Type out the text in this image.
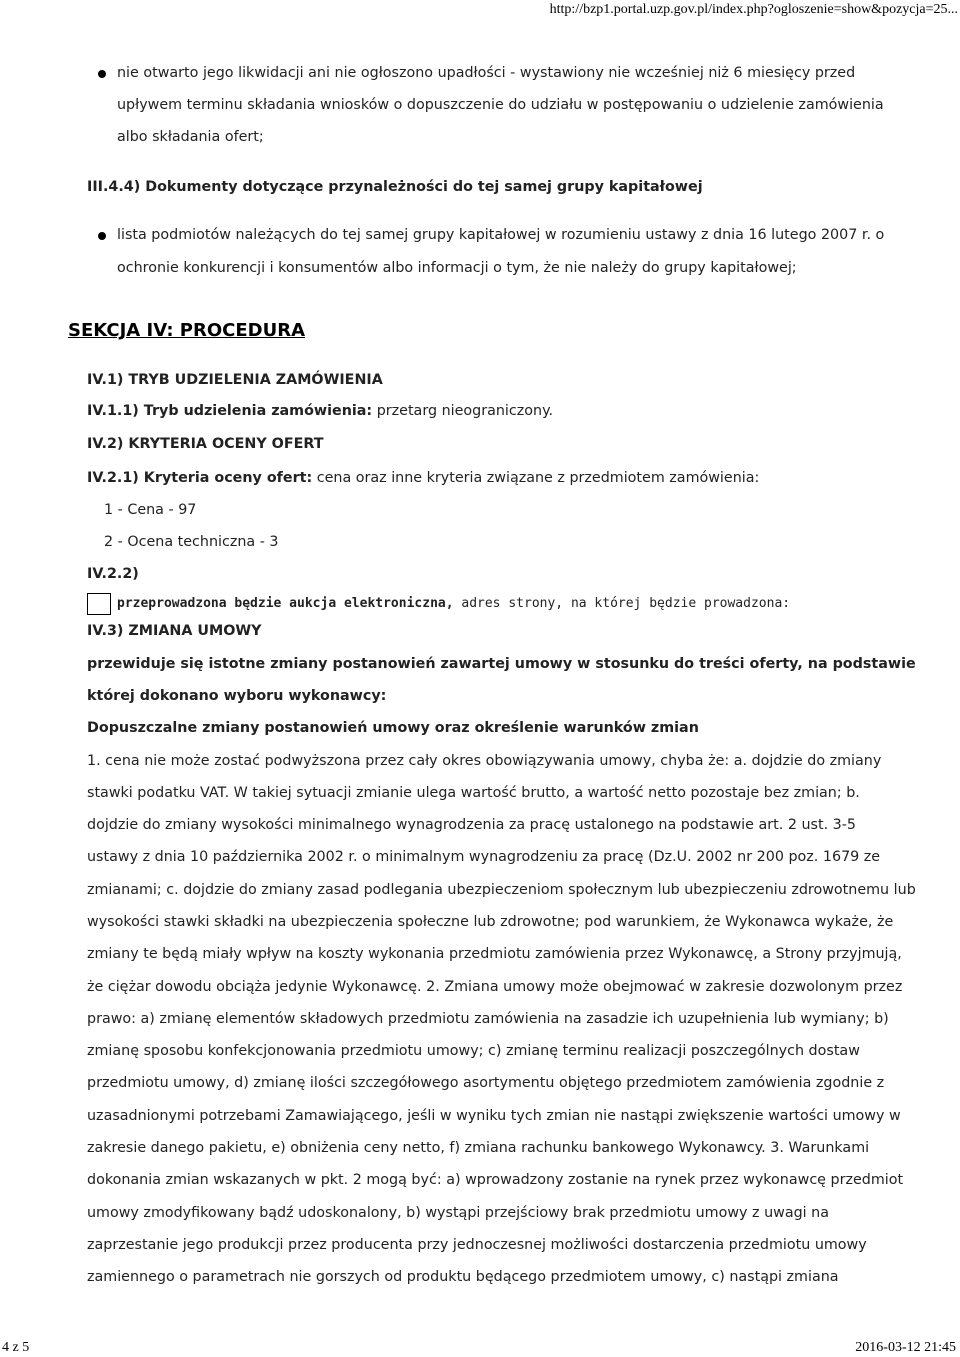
http://bzp1.portal.uzp.gov.pl/index.php?ogloszenie=show&pozycja=25...
nie otwarto jego likwidacji ani nie ogłoszono upadłości - wystawiony nie wcześniej niż 6 miesięcy przed
upływem terminu składania wniosków o dopuszczenie do udziału w postępowaniu o udzielenie zamówienia
albo składania ofert;
III.4.4) Dokumenty dotyczące przynależności do tej samej grupy kapitałowej
lista podmiotów należących do tej samej grupy kapitałowej w rozumieniu ustawy z dnia 16 lutego 2007 r. o
ochronie konkurencji i konsumentów albo informacji o tym, że nie należy do grupy kapitałowej;
SEKCJA IV: PROCEDURA
IV.1) TRYB UDZIELENIA ZAMÓWIENIA
IV.1.1) Tryb udzielenia zamówienia: przetarg nieograniczony.
IV.2) KRYTERIA OCENY OFERT
IV.2.1) Kryteria oceny ofert: cena oraz inne kryteria związane z przedmiotem zamówienia:
1 - Cena - 97
2 - Ocena techniczna - 3
IV.2.2)
przeprowadzona będzie aukcja elektroniczna, adres strony, na której będzie prowadzona:
IV.3) ZMIANA UMOWY
przewiduje się istotne zmiany postanowień zawartej umowy w stosunku do treści oferty, na podstawie
której dokonano wyboru wykonawcy:
Dopuszczalne zmiany postanowień umowy oraz określenie warunków zmian
1. cena nie może zostać podwyższona przez cały okres obowiązywania umowy, chyba że: a. dojdzie do zmiany
stawki podatku VAT. W takiej sytuacji zmianie ulega wartość brutto, a wartość netto pozostaje bez zmian; b.
dojdzie do zmiany wysokości minimalnego wynagrodzenia za pracę ustalonego na podstawie art. 2 ust. 3-5
ustawy z dnia 10 października 2002 r. o minimalnym wynagrodzeniu za pracę (Dz.U. 2002 nr 200 poz. 1679 ze
zmianami; c. dojdzie do zmiany zasad podlegania ubezpieczeniom społecznym lub ubezpieczeniu zdrowotnemu lub
wysokości stawki składki na ubezpieczenia społeczne lub zdrowotne; pod warunkiem, że Wykonawca wykaże, że
zmiany te będą miały wpływ na koszty wykonania przedmiotu zamówienia przez Wykonawcę, a Strony przyjmują,
że ciężar dowodu obciąża jedynie Wykonawcę. 2. Zmiana umowy może obejmować w zakresie dozwolonym przez
prawo: a) zmianę elementów składowych przedmiotu zamówienia na zasadzie ich uzupełnienia lub wymiany; b)
zmianę sposobu konfekcjonowania przedmiotu umowy; c) zmianę terminu realizacji poszczególnych dostaw
przedmiotu umowy, d) zmianę ilości szczegółowego asortymentu objętego przedmiotem zamówienia zgodnie z
uzasadnionymi potrzebami Zamawiającego, jeśli w wyniku tych zmian nie nastąpi zwiększenie wartości umowy w
zakresie danego pakietu, e) obniżenia ceny netto, f) zmiana rachunku bankowego Wykonawcy. 3. Warunkami
dokonania zmian wskazanych w pkt. 2 mogą być: a) wprowadzony zostanie na rynek przez wykonawcę przedmiot
umowy zmodyfikowany bądź udoskonalony, b) wystąpi przejściowy brak przedmiotu umowy z uwagi na
zaprzestanie jego produkcji przez producenta przy jednoczesnej możliwości dostarczenia przedmiotu umowy
zamiennego o parametrach nie gorszych od produktu będącego przedmiotem umowy, c) nastąpi zmiana
4 z 5	2016-03-12 21:45
